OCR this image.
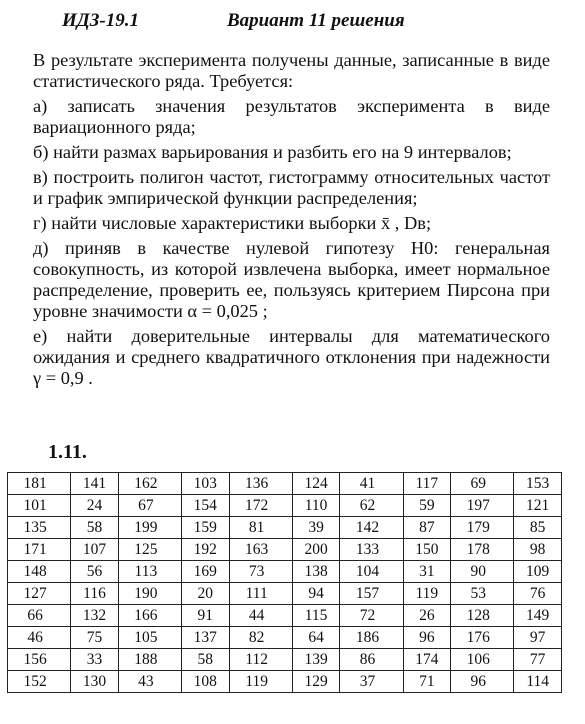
ИДЗ-19.1	Вариант 11 решения

В результате эксперимента получены данные, записанные в виде статистического ряда. Требуется:

а) записать значения результатов эксперимента в виде вариационного ряда;

б) найти размах варьирования и разбить его на 9 интервалов;

в) построить полигон частот, гистограмму относительных частот и график эмпирической функции распределения;

г) найти числовые характеристики выборки x̄ , Dв;

д) приняв в качестве нулевой гипотезу H0: генеральная совокупность, из которой извлечена выборка, имеет нормальное распределение, проверить ее, пользуясь критерием Пирсона при уровне значимости α = 0,025 ;

е) найти доверительные интервалы для математического ожидания и среднего квадратичного отклонения при надежности γ = 0,9 .

1.11.
181	141	162	103	136	124	41	117	69	153
101	24	67	154	172	110	62	59	197	121
135	58	199	159	81	39	142	87	179	85
171	107	125	192	163	200	133	150	178	98
148	56	113	169	73	138	104	31	90	109
127	116	190	20	111	94	157	119	53	76
66	132	166	91	44	115	72	26	128	149
46	75	105	137	82	64	186	96	176	97
156	33	188	58	112	139	86	174	106	77
152	130	43	108	119	129	37	71	96	114
